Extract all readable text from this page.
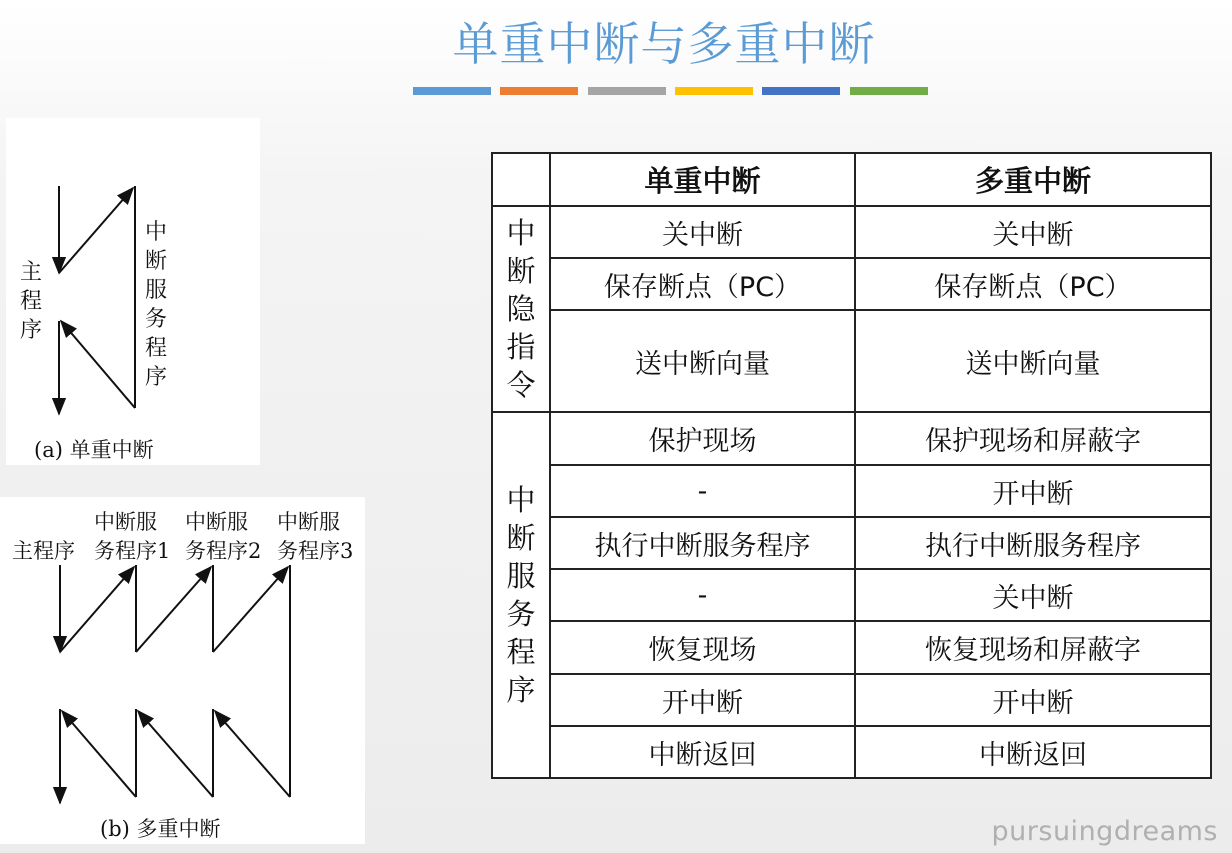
单重中断与多重中断
主程序
中断服务程序
(a) 单重中断
主程序
中断服
务程序1
中断服
务程序2
中断服
务程序3
(b) 多重中断
	单重中断	多重中断

中断隐指令	关中断	关中断
	保存断点（PC）	保存断点（PC）
	送中断向量	送中断向量

中断服务程序	保护现场	保护现场和屏蔽字
	-	开中断
	执行中断服务程序	执行中断服务程序
	-	关中断
	恢复现场	恢复现场和屏蔽字
	开中断	开中断
	中断返回	中断返回
pursuingdreams
